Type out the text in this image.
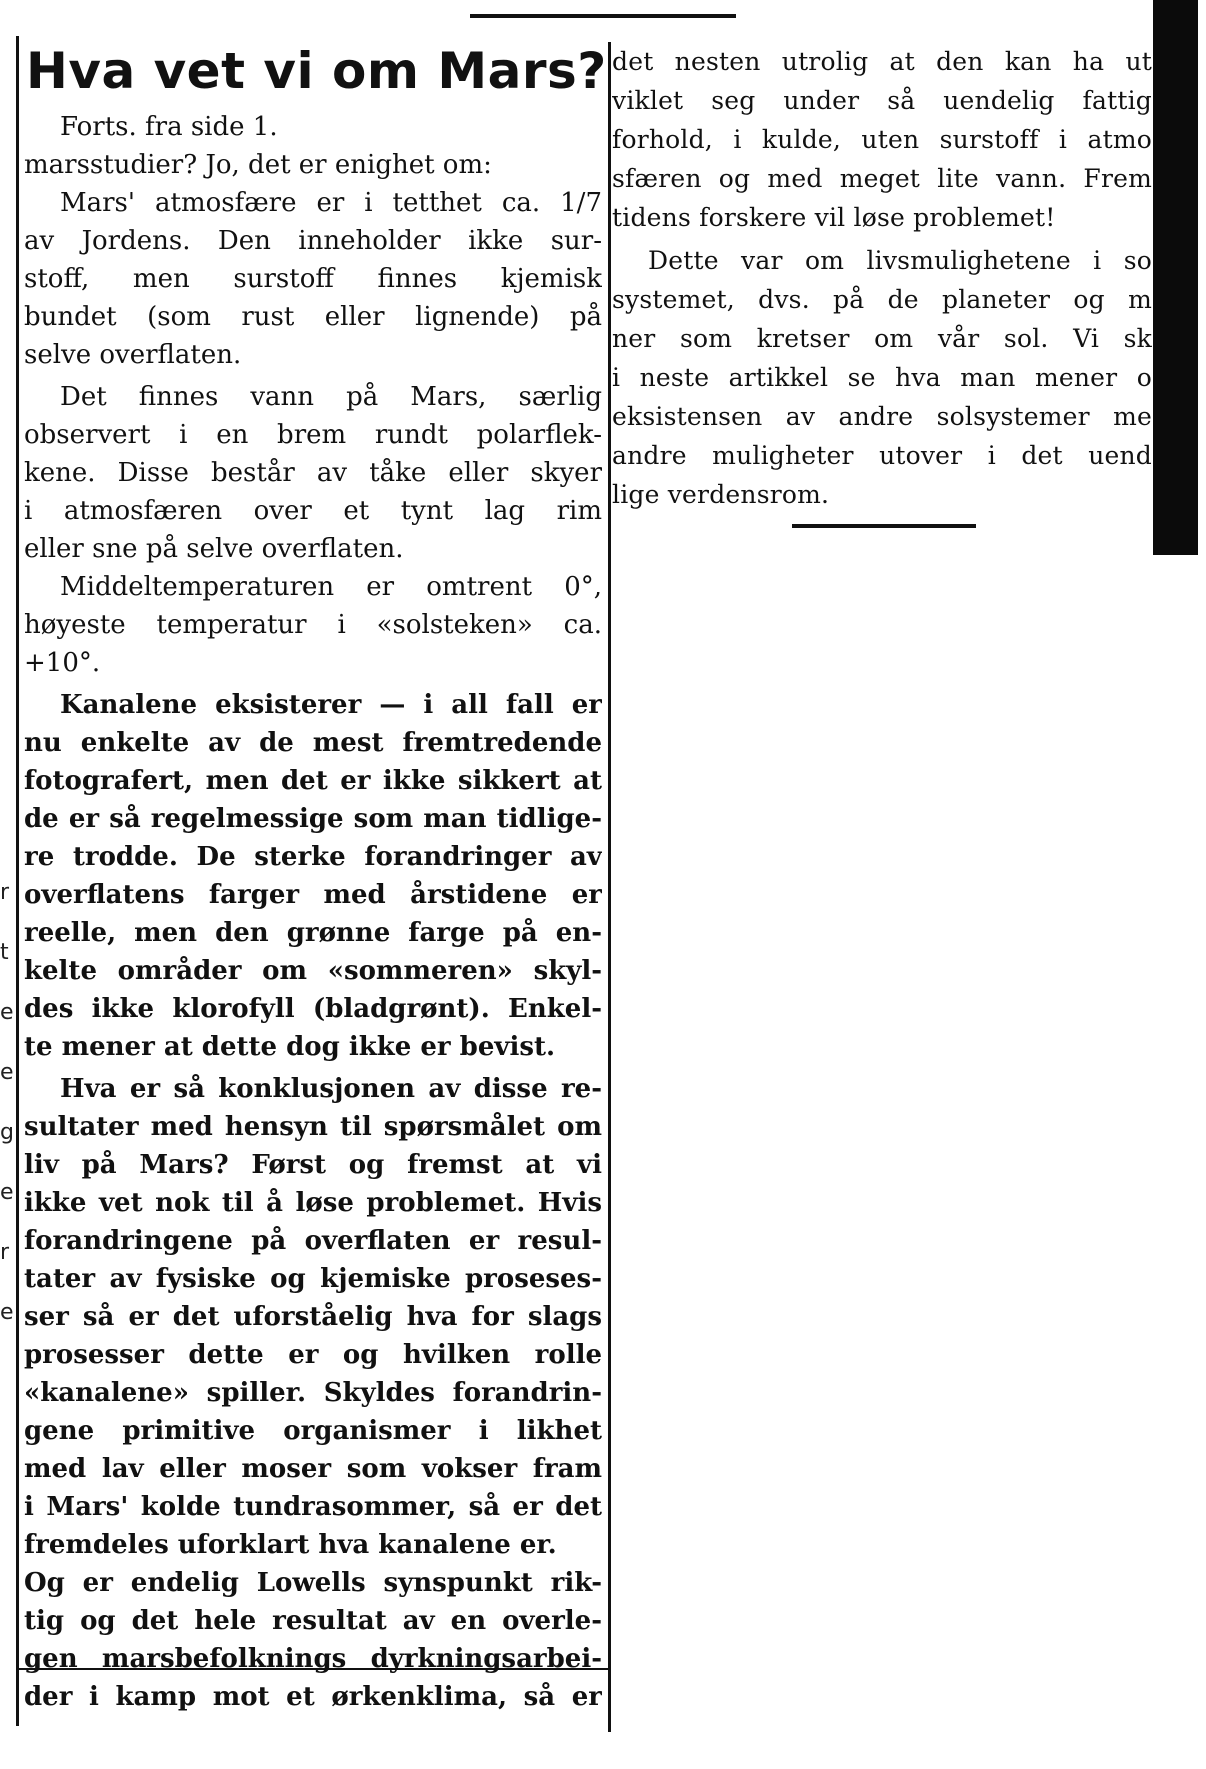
r
t
e
e
g
e
r
e
Hva vet vi om Mars?
Forts. fra side 1.
marsstudier? Jo, det er enighet om:
Mars' atmosfære er i tetthet ca. 1/7
av Jordens. Den inneholder ikke sur-
stoff, men surstoff finnes kjemisk
bundet (som rust eller lignende) på
selve overflaten.
Det finnes vann på Mars, særlig
observert i en brem rundt polarflek-
kene. Disse består av tåke eller skyer
i atmosfæren over et tynt lag rim
eller sne på selve overflaten.
Middeltemperaturen er omtrent 0°,
høyeste temperatur i «solsteken» ca.
+10°.
Kanalene eksisterer — i all fall er
nu enkelte av de mest fremtredende
fotografert, men det er ikke sikkert at
de er så regelmessige som man tidlige-
re trodde. De sterke forandringer av
overflatens farger med årstidene er
reelle, men den grønne farge på en-
kelte områder om «sommeren» skyl-
des ikke klorofyll (bladgrønt). Enkel-
te mener at dette dog ikke er bevist.
Hva er så konklusjonen av disse re-
sultater med hensyn til spørsmålet om
liv på Mars? Først og fremst at vi
ikke vet nok til å løse problemet. Hvis
forandringene på overflaten er resul-
tater av fysiske og kjemiske proseses-
ser så er det uforståelig hva for slags
prosesser dette er og hvilken rolle
«kanalene» spiller. Skyldes forandrin-
gene primitive organismer i likhet
med lav eller moser som vokser fram
i Mars' kolde tundrasommer, så er det
fremdeles uforklart hva kanalene er.
Og er endelig Lowells synspunkt rik-
tig og det hele resultat av en overle-
gen marsbefolknings dyrkningsarbei-
der i kamp mot et ørkenklima, så er
det nesten utrolig at den kan ha ut
viklet seg under så uendelig fattig
forhold, i kulde, uten surstoff i atmo
sfæren og med meget lite vann. Frem
tidens forskere vil løse problemet!
Dette var om livsmulighetene i so
systemet, dvs. på de planeter og m
ner som kretser om vår sol. Vi sk
i neste artikkel se hva man mener o
eksistensen av andre solsystemer me
andre muligheter utover i det uend
lige verdensrom.
